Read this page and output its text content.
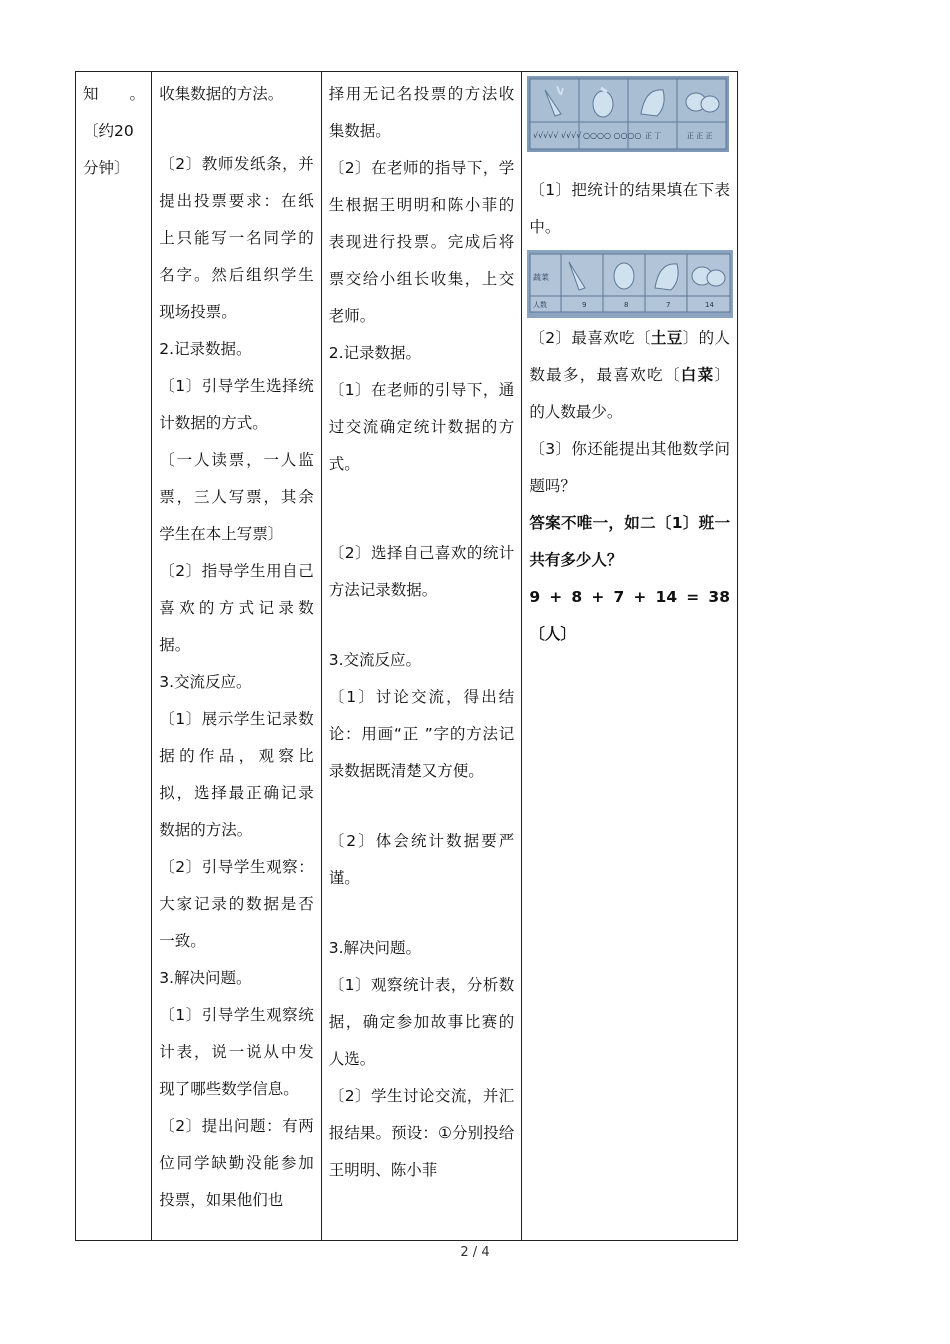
知　　。
〔约20
分钟〕

收集数据的方法。
〔2〕教师发纸条，并提出投票要求：在纸上只能写一名同学的名字。然后组织学生现场投票。
2.记录数据。
〔1〕引导学生选择统计数据的方式。
〔一人读票，一人监票，三人写票，其余学生在本上写票〕
〔2〕指导学生用自己喜欢的方式记录数据。
3.交流反应。
〔1〕展示学生记录数据的作品，观察比拟，选择最正确记录数据的方法。
〔2〕引导学生观察：大家记录的数据是否一致。
3.解决问题。
〔1〕引导学生观察统计表，说一说从中发现了哪些数学信息。
〔2〕提出问题：有两位同学缺勤没能参加投票，如果他们也

择用无记名投票的方法收集数据。
〔2〕在老师的指导下，学生根据王明明和陈小菲的表现进行投票。完成后将票交给小组长收集，上交老师。
2.记录数据。
〔1〕在老师的引导下，通过交流确定统计数据的方式。
〔2〕选择自己喜欢的统计方法记录数据。
3.交流反应。
〔1〕讨论交流，得出结论：用画“正 ”字的方法记录数据既清楚又方便。
〔2〕体会统计数据要严谨。
3.解决问题。
〔1〕观察统计表，分析数据，确定参加故事比赛的人选。
〔2〕学生讨论交流，并汇报结果。预设：①分别投给王明明、陈小菲

√√√√√ √√√√ ○○○○ ○○○○ 正 丁	正 正 正
〔1〕把统计的结果填在下表中。
蔬菜
人数	9	8	7	14
〔2〕最喜欢吃〔土豆〕的人数最多，最喜欢吃〔白菜〕的人数最少。
〔3〕你还能提出其他数学问题吗？
答案不唯一，如二〔1〕班一共有多少人？
9 + 8 + 7 + 14 = 38〔人〕
2 / 4
